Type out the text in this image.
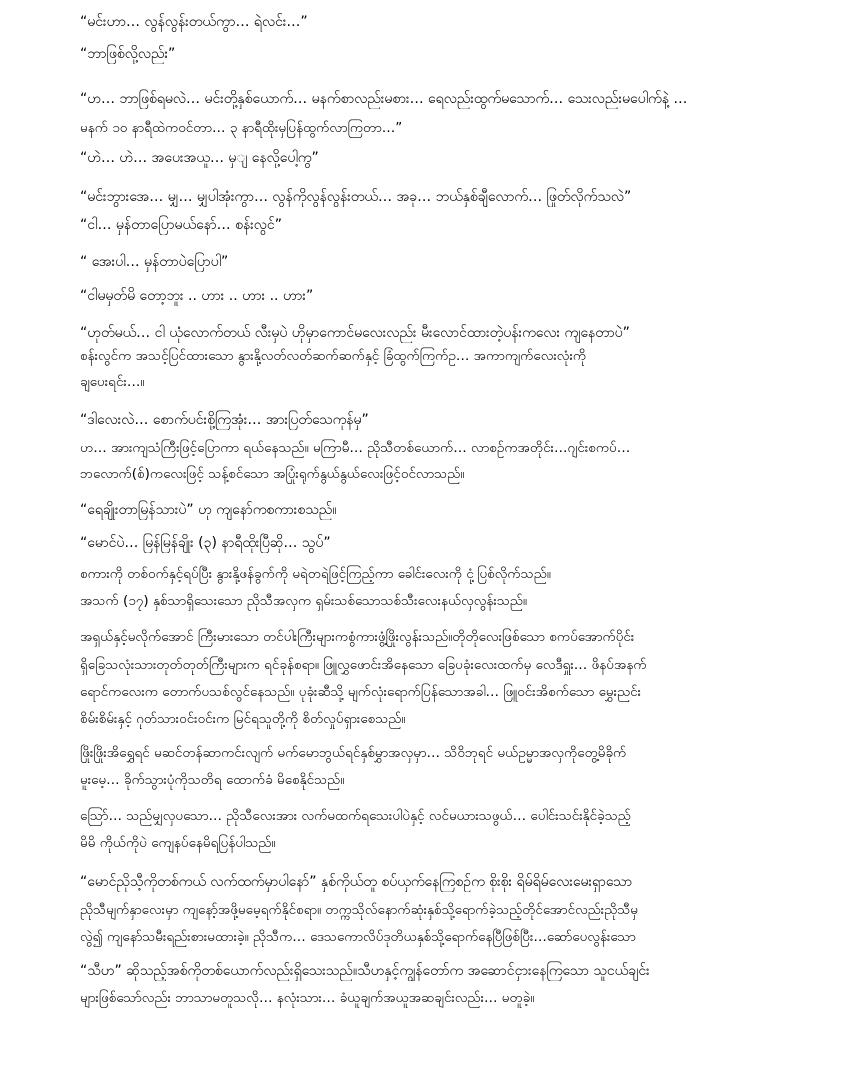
“မင်းဟာ… လွန်လွန်းတယ်ကွာ… ရဲလင်း…”
“ဘာဖြစ်လို့လည်း”
“ဟ… ဘာဖြစ်ရမလဲ… မင်းတို့နှစ်ယောက်… မနက်စာလည်းမစား… ရေလည်းထွက်မသောက်… သေးလည်းမပေါက်နဲ့ …
မနက် ၁၀ နာရီထဲကဝင်တာ… ၃ နာရီထိုးမှပြန်ထွက်လာကြတာ…”
“ဟဲ… ဟဲ… အပေးအယူ… မှျ နေလို့ပေါ့ကွ”
“မင်းဘွားအေ… မျှ… မျှပါအုံးကွာ… လွန်ကိုလွန်လွန်းတယ်… အခု… ဘယ်နှစ်ချီလောက်… ဖြုတ်လိုက်သလဲ”
“ငါ… မှန်တာပြောမယ်နော်… စန်းလွင်”
“ အေးပါ… မှန်တာပဲပြောပါ”
“ငါမမှတ်မိ တော့ဘူး .. ဟား .. ဟား .. ဟား”
“ဟုတ်မယ်… ငါ ယုံလောက်တယ် လီးမှပဲ ဟိုမှာကောင်မလေးလည်း မီးလောင်ထားတဲ့ပန်းကလေး ကျနေတာပဲ”
စန်းလွင်က အသင့်ပြင်ထားသော နွားနို့လတ်လတ်ဆက်ဆက်နှင့် ခြံထွက်ကြက်ဥ… အကာကျက်လေးလုံးကို
ချပေးရင်း…။
“ဒါလေးလဲ… စောက်ပင်းစို့ကြအုံး… အားပြတ်သေကုန်မှ”
ဟ… အားကျသံကြီးဖြင့်ပြောကာ ရယ်နေသည်။ မကြာမီ… ညိုသီတစ်ယောက်… လာစဉ်ကအတိုင်း…ဂျင်းစကပ်…
ဘလောက်(စ်)ကလေးဖြင့် သန့်စင်သော အပြုံးရုက်နွယ်နွယ်လေးဖြင့်ဝင်လာသည်။
“ရေချိုးတာမြန်သားပဲ” ဟု ကျနော်ကစကားစသည်။
“မောင်ပဲ… မြန်မြန်ချိုး (၃) နာရီထိုးပြီဆို… သွပ်”
စကားကို တစ်ဝက်နှင့်ရပ်ပြီး နွားနို့ဖန်ခွက်ကို မရဲတရဲဖြင့်ကြည့်ကာ ခေါင်းလေးကို ငုံ့ပြစ်လိုက်သည်။
အသက် (၁၇) နှစ်သာရှိသေးသော ညိုသီအလှက ရှမ်းသစ်သောသစ်သီးလေးနယ်လှလွန်းသည်။
အရှယ်နှင့်မလိုက်အောင် ကြီးမားသော တင်ပါးကြီးများကစွံကားဖွံ့ဖြိုးလွန်းသည်။တိုတိုလေးဖြစ်သော စကပ်အောက်ပိုင်း
ရှိခြေသလုံးသားတုတ်တုတ်ကြီးများက ရင်ခုန်စရာ။ ဖြူလွှဖောင်းအိနေသော ခြေပခုံးလေးထက်မှ လေဒီရှူး… ဖိနပ်အနက်
ရောင်ကလေးက တောက်ပသစ်လွင်နေသည်။ ပုခုံးဆီသို့ မျက်လုံးရောက်ပြန်သောအခါ… ဖြူဝင်းအိစက်သော မွှေးညင်း
စိမ်းစိမ်းနှင့် ဂုတ်သားဝင်းဝင်းက မြင်ရသူတို့ကို စိတ်လှုပ်ရှားစေသည်။
ဖြိုးဖြိုးအိရွှေရင် မဆင်တန်ဆာကင်းလျက် မက်မောဘွယ်ရင်နှစ်မွှာအလှမှာ… သိဝိဘုရင် မယ်ဥမ္မာအလှကိုတွေ့မိခိုက်
မူးမေ့… ခိုက်သွားပုံကိုသတိရ ထောက်ခံ မိစေနိုင်သည်။
သြော်… သည်မျှလှပသော… ညိုသီလေးအား လက်မထက်ရသေးပါပဲနှင့် လင်မယားသဖွယ်… ပေါင်းသင်းနိုင်ခဲ့သည့်
မိမိ ကိုယ်ကိုပဲ ကျေနပ်နေမိရပြန်ပါသည်။
“မောင်ညိုသီ့ကိုတစ်ကယ် လက်ထက်မှာပါနော်” နှစ်ကိုယ်တူ စပ်ယှက်နေကြစဉ်က စိုးစိုး ရိမ်ရိမ်လေးမေးရှာသော
ညိုသီမျက်နှာလေးမှာ ကျနော့်အဖို့မမေ့ရက်နိုင်စရာ။ တက္ကသိုလ်နောက်ဆုံးနှစ်သို့ရောက်ခဲ့သည့်တိုင်အောင်လည်းညိုသီမှ
လွဲ၍ ကျနော်သမီးရည်းစားမထားခဲ့။ ညိုသီက… ဒေသကောလိပ်ဒုတိယနှစ်သို့ရောက်နေပြီဖြစ်ပြီး…ဆော်ပေလွန်းသော
“သီဟ” ဆိုသည့်အစ်ကိုတစ်ယောက်လည်းရှိသေးသည်။သီဟနှင့်ကျွန်တော်က အဆောင်ငှားနေကြသော သူငယ်ချင်း
များဖြစ်သော်လည်း ဘာသာမတူသလို… နလုံးသား… ခံယူချက်အယူအဆချင်းလည်း… မတူခဲ့။
